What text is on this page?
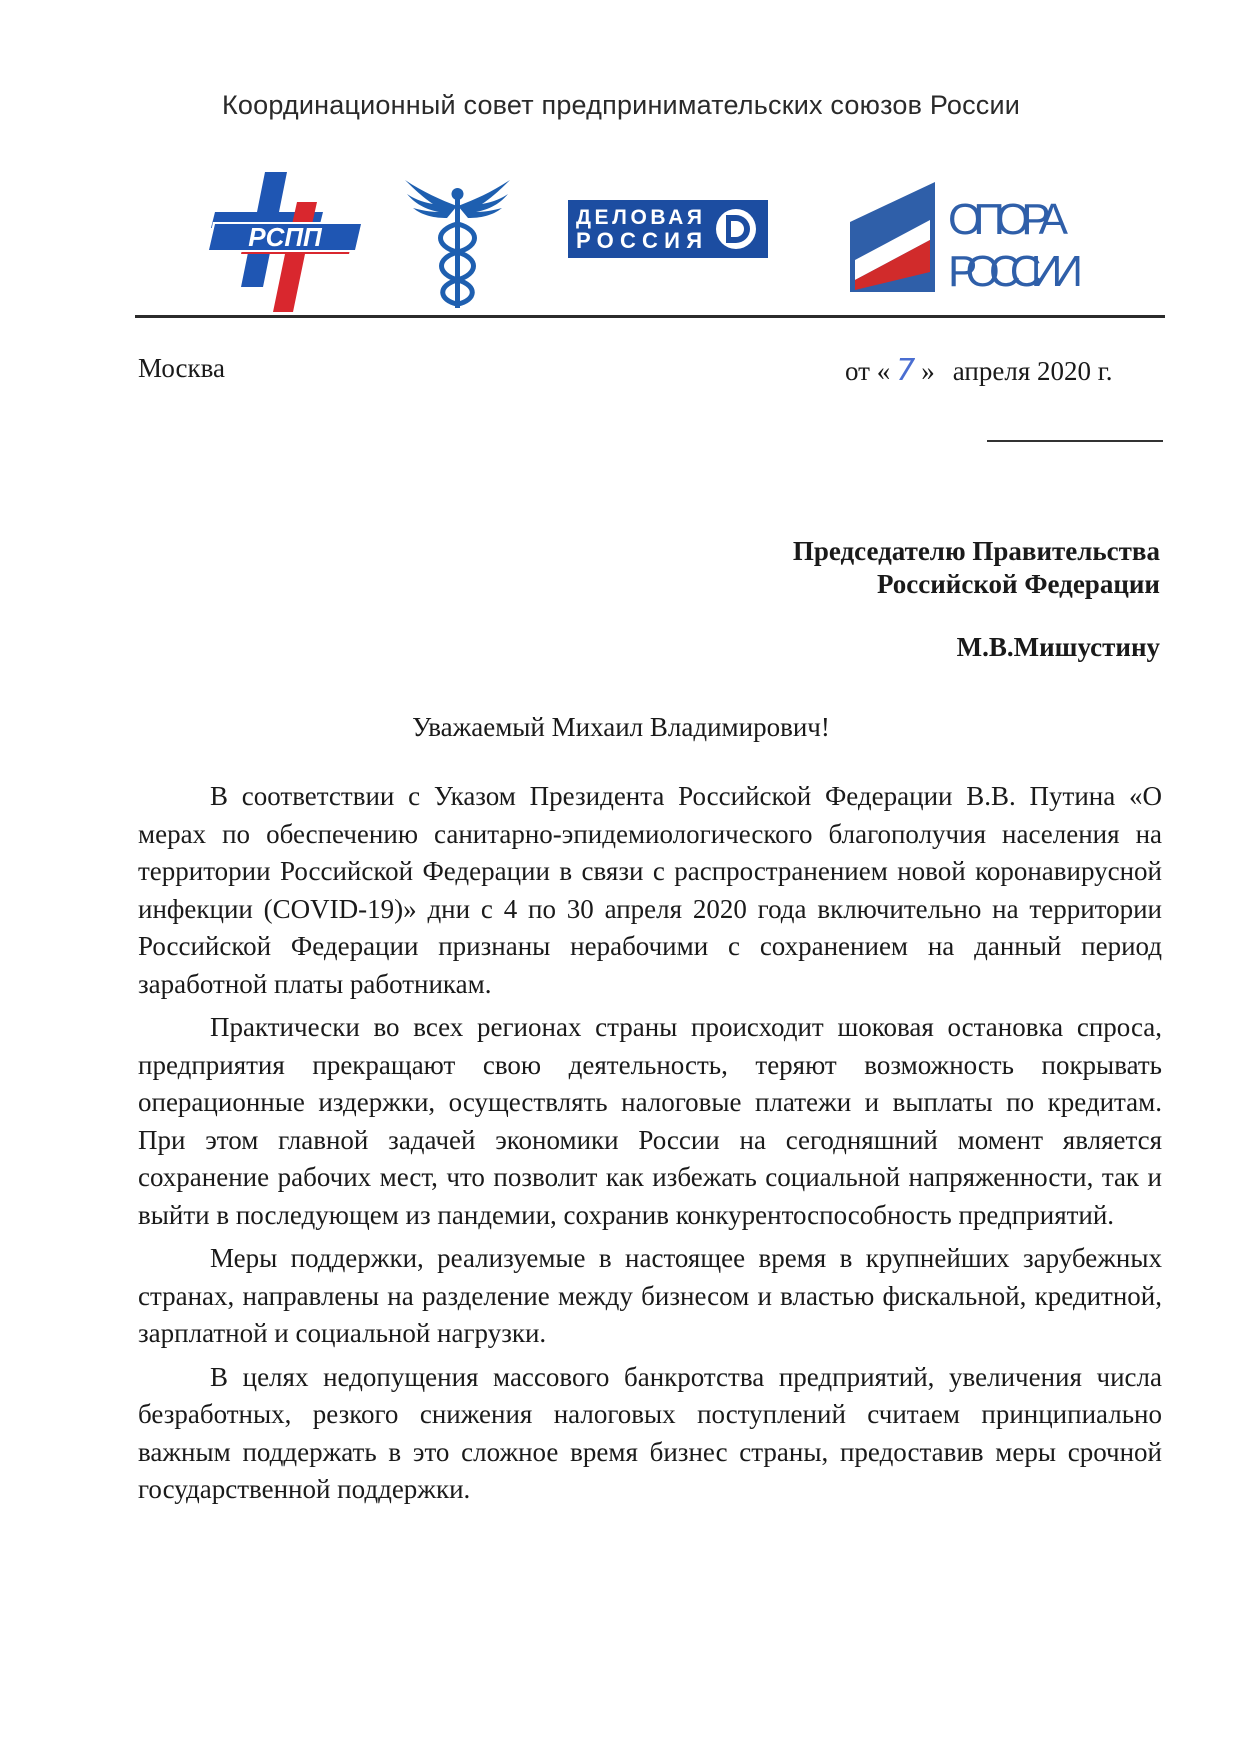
Координационный совет предпринимательских союзов России
РСПП
ДЕЛОВАЯ
РОССИЯ	ОПОРА
РОССИИ
Москва	от « 7 » апреля 2020 г.
Председателю Правительства
Российской Федерации
М.В.Мишустину
Уважаемый Михаил Владимирович!

В соответствии с Указом Президента Российской Федерации В.В. Путина «О мерах по обеспечению санитарно-эпидемиологического благополучия населения на территории Российской Федерации в связи с распространением новой коронавирусной инфекции (COVID-19)» дни с 4 по 30 апреля 2020 года включительно на территории Российской Федерации признаны нерабочими с сохранением на данный период заработной платы работникам.

Практически во всех регионах страны происходит шоковая остановка спроса, предприятия прекращают свою деятельность, теряют возможность покрывать операционные издержки, осуществлять налоговые платежи и выплаты по кредитам. При этом главной задачей экономики России на сегодняшний момент является сохранение рабочих мест, что позволит как избежать социальной напряженности, так и выйти в последующем из пандемии, сохранив конкурентоспособность предприятий.

Меры поддержки, реализуемые в настоящее время в крупнейших зарубежных странах, направлены на разделение между бизнесом и властью фискальной, кредитной, зарплатной и социальной нагрузки.

В целях недопущения массового банкротства предприятий, увеличения числа безработных, резкого снижения налоговых поступлений считаем принципиально важным поддержать в это сложное время бизнес страны, предоставив меры срочной государственной поддержки.
